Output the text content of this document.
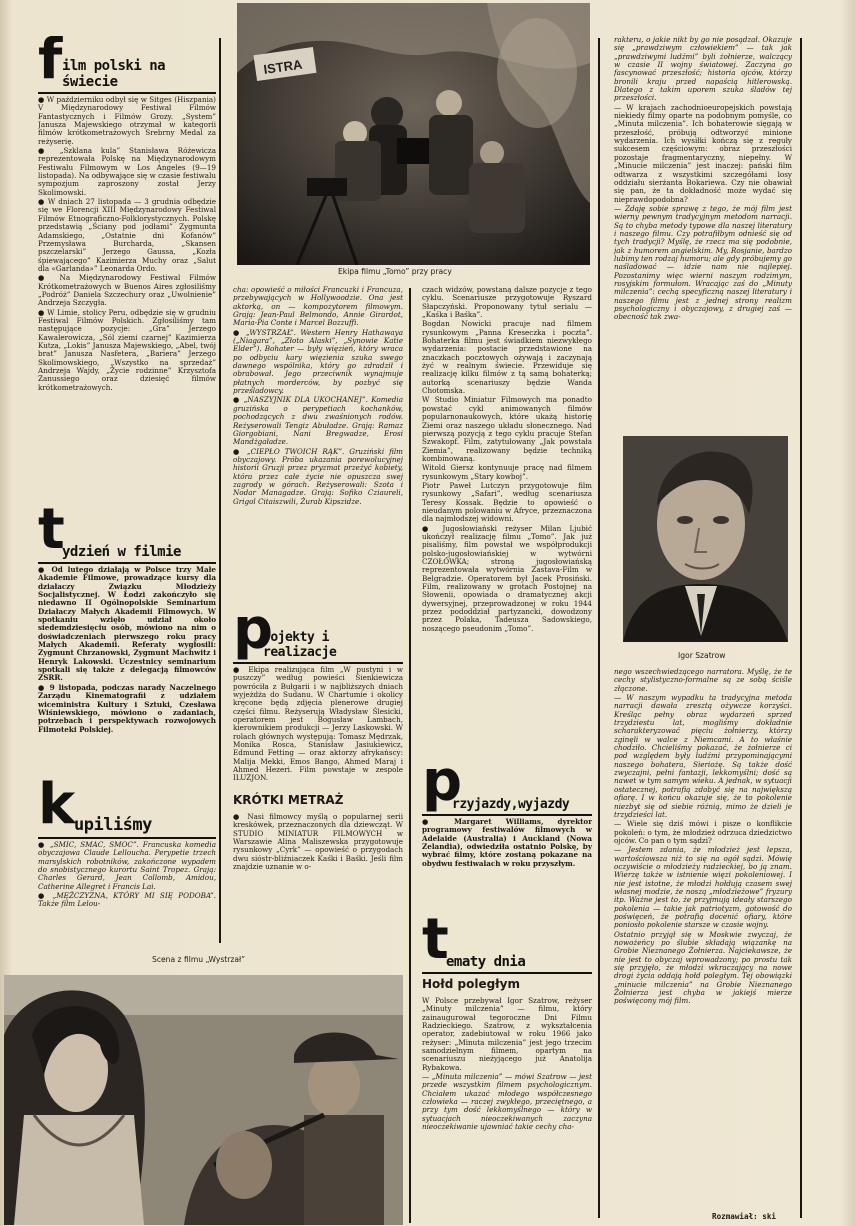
f ilm polski na świecie

● W październiku odbył się w Sitges (Hiszpania) V Międzynarodowy Festiwal Filmów Fantastycznych i Filmów Grozy. „System” Janusza Majewskiego otrzymał w kategorii filmów krótkometrażowych Srebrny Medal za reżyserię.

● „Szklana kula” Stanisława Różewicza reprezentowała Polskę na Międzynarodowym Festiwalu Filmowym w Los Angeles (9—19 listopada). Na odbywające się w czasie festiwalu sympozjum zaproszony został Jerzy Skolimowski.

● W dniach 27 listopada — 3 grudnia odbędzie się we Florencji XIII Międzynarodowy Festiwal Filmów Etnograficzno-Folklorystycznych. Polskę przedstawią „Ściany pod jodłami” Zygmunta Adamskiego, „Ostatnie dni Kofanów” Przemysława Burcharda, „Skansen pszczelarski” Jerzego Gaussa, „Kozła śpiewającego” Kazimierza Muchy oraz „Salut dla «Garlanda»” Leonarda Ordo.

● Na Międzynarodowy Festiwal Filmów Krótkometrażowych w Buenos Aires zgłosiliśmy „Podróż” Daniela Szczechury oraz „Uwolnienie” Andrzeja Szczygła.

● W Limie, stolicy Peru, odbędzie się w grudniu Festiwal Filmów Polskich. Zgłosiliśmy tam następujące pozycje: „Gra” Jerzego Kawalerowicza, „Sól ziemi czarnej” Kazimierza Kutza, „Lokis” Janusza Majewskiego, „Abel, twój brat” Janusza Nasfetera, „Bariera” Jerzego Skolimowskiego, „Wszystko na sprzedaż” Andrzeja Wajdy, „Życie rodzinne” Krzysztofa Zanussiego oraz dziesięć filmów krótkometrażowych.

t
ydzień w filmie

● Od lutego działają w Polsce trzy Małe Akademie Filmowe, prowadzące kursy dla działaczy Związku Młodzieży Socjalistycznej. W Łodzi zakończyło się niedawno II Ogólnopolskie Seminarium Działaczy Małych Akademii Filmowych. W spotkaniu wzięło udział około siedemdziesięciu osób, mówiono na nim o doświadczeniach pierwszego roku pracy Małych Akademii. Referaty wygłosili: Zygmunt Chrzanowski, Zygmunt Machwitz i Henryk Lakowski. Uczestnicy seminarium spotkali się także z delegacją filmowców ZSRR.

● 9 listopada, podczas narady Naczelnego Zarządu Kinematografii z udziałem wiceministra Kultury i Sztuki, Czesława Wiśniewskiego, mówiono o zadaniach, potrzebach i perspektywach rozwojowych Filmoteki Polskiej.

k
upiliśmy

● „SMIC, SMAC, SMOC”. Francuska komedia obyczajowa Claude Lelloucha. Perypetie trzech marsylskich robotników, zakończone wypadem do snobistycznego kurortu Saint Tropez. Grają: Charles Gerard, Jean Collomb, Amidou, Catherine Allegret i Francis Lai.

● „MĘŻCZYZNA, KTÓRY MI SIĘ PODOBA”. Także film Lelou-

ISTRA
Ekipa filmu „Tomo” przy pracy

cha: opowieść o miłości Francuzki i Francuza, przebywających w Hollywoodzie. Ona jest aktorką, on — kompozytorem filmowym. Grają: Jean-Paul Belmondo, Annie Girardot, Maria-Pia Conte i Marcel Bozzuffi.

● „WYSTRZAŁ”. Western Henry Hathawaya („Niagara”, „Złoto Alaski”, „Synowie Katie Elder”). Bohater — były więzień, który wraca po odbyciu kary więzienia szuka swego dawnego wspólnika, który go zdradził i obrabował. Jego przeciwnik wynajmuje płatnych morderców, by pozbyć się prześladowcy.

● „NASZYJNIK DLA UKOCHANEJ”. Komedia gruzińska o perypetiach kochanków, pochodzących z dwu zwaśnionych rodów. Reżyserowali Tengiz Abuładze. Grają: Ramaz Giorgobiani, Nani Bregwadze, Erosi Mandżgaładze.

● „CIEPŁO TWOICH RĄK”. Gruziński film obyczajowy. Próba ukazania porewolucyjnej historii Gruzji przez pryzmat przeżyć kobiety, która przez całe życie nie opuszcza swej zagrody w górach. Reżyserowali: Szota i Nodar Managadze. Grają: Sofiko Cziaureli, Grigol Citaiszwili, Żurab Kipszidze.

p
rojekty i realizacje

● Ekipa realizująca film „W pustyni i w puszczy” według powieści Sienkiewicza powróciła z Bułgarii i w najbliższych dniach wyjeżdża do Sudanu. W Chartumie i okolicy kręcone będą zdjęcia plenerowe drugiej części filmu. Reżyserują Władysław Ślesicki, operatorem jest Bogusław Lambach, kierownikiem produkcji — Jerzy Laskowski. W rolach głównych występują: Tomasz Mędrzak, Monika Rosca, Stanisław Jasiukiewicz, Edmund Fetting — oraz aktorzy afrykańscy: Malija Mekki, Emos Bango, Ahmed Maraj i Ahmed Hezeri. Film powstaje w zespole ILUZJON.

KRÓTKI METRAŻ

● Nasi filmowcy myślą o popularnej serii kreskówek, przeznaczonych dla dziewcząt. W STUDIO MINIATUR FILMOWYCH w Warszawie Alina Maliszewska przygotowuje rysunkowy „Cyrk” — opowieść o przygodach dwu sióstr-bliźniaczek Kaśki i Baśki. Jeśli film znajdzie uznanie w o-

Scena z filmu „Wystrzał”

czach widzów, powstaną dalsze pozycje z tego cyklu. Scenariusze przygotowuje Ryszard Słapczyński. Proponowany tytuł serialu — „Kaśka i Baśka”.

Bogdan Nowicki pracuje nad filmem rysunkowym „Panna Kreseczka i poczta”. Bohaterka filmu jest świadkiem niezwykłego wydarzenia: postacie przedstawione na znaczkach pocztowych ożywają i zaczynają żyć w realnym świecie. Przewiduje się realizację kilku filmów z tą samą bohaterką; autorką scenariuszy będzie Wanda Chotomska.

W Studio Miniatur Filmowych ma ponadto powstać cykl animowanych filmów popularnonaukowych, które ukażą historię Ziemi oraz naszego układu słonecznego. Nad pierwszą pozycją z tego cyklu pracuje Stefan Szwakopf. Film, zatytułowany „Jak powstała Ziemia”, realizowany będzie techniką kombinowaną.

Witold Giersz kontynuuje pracę nad filmem rysunkowym „Stary kowboj”.

Piotr Paweł Lutczyn przygotowuje film rysunkowy „Safari”, według scenariusza Teresy Kossak. Będzie to opowieść o nieudanym polowaniu w Afryce, przeznaczona dla najmłodszej widowni.

● Jugosłowiański reżyser Milan Ljubić ukończył realizację filmu „Tomo”. Jak już pisaliśmy, film powstał we współprodukcji polsko-jugosłowiańskiej w wytwórni CZOŁÓWKA; stroną jugosłowiańską reprezentowała wytwórnia Zastava-Film w Belgradzie. Operatorem był Jacek Prosiński. Film, realizowany w grotach Postojnej na Słowenii, opowiada o dramatycznej akcji dywersyjnej, przeprowadzonej w roku 1944 przez pododdział partyzancki, dowodzony przez Polaka, Tadeusza Sadowskiego, noszącego pseudonim „Tomo”.

p
rzyjazdy,wyjazdy

● Margaret Williams, dyrektor programowy festiwalów filmowych w Adelaide (Australia) i Auckland (Nowa Zelandia), odwiedziła ostatnio Polskę, by wybrać filmy, które zostaną pokazane na obydwu festiwalach w roku przyszłym.

t
ematy dnia
Hołd poległym

W Polsce przebywał Igor Szatrow, reżyser „Minuty milczenia” — filmu, który zainaugurował tegoroczne Dni Filmu Radzieckiego. Szatrow, z wykształcenia operator, zadebiutował w roku 1966 jako reżyser: „Minuta milczenia” jest jego trzecim samodzielnym filmem, opartym na scenariuszu nieżyjącego już Anatolija Rybakowa.

— „Minuta milczenia” — mówi Szatrow — jest przede wszystkim filmem psychologicznym. Chciałem ukazać młodego współczesnego człowieka — raczej zwykłego, przeciętnego, a przy tym dość lekkomyślnego — który w sytuacjach nieoczekiwanych zaczyna nieoczekiwanie ujawniać takie cechy cha-

rakteru, o jakie nikt by go nie posądzał. Okazuje się „prawdziwym człowiekiem” — tak jak „prawdziwymi ludźmi” byli żołnierze, walczący w czasie II wojny światowej. Zaczyna go fascynować przeszłość; historia ojców, którzy bronili kraju przed napaścią hitlerowską. Dlatego z takim uporem szuka śladów tej przeszłości.

— W krajach zachodnioeuropejskich powstają niekiedy filmy oparte na podobnym pomyśle, co „Minuta milczenia”. Ich bohaterowie sięgają w przeszłość, próbują odtworzyć minione wydarzenia. Ich wysiłki kończą się z reguły sukcesem częściowym: obraz przeszłości pozostaje fragmentaryczny, niepełny. W „Minucie milczenia” jest inaczej: pański film odtwarza z wszystkimi szczegółami losy oddziału sierżanta Bokariewa. Czy nie obawiał się pan, że ta dokładność może wydać się nieprawdopodobna?

— Zdaję sobie sprawę z tego, że mój film jest wierny pewnym tradycyjnym metodom narracji. Są to chyba metody typowe dla naszej literatury i naszego filmu. Czy potrafiłbym odnieść się od tych tradycji? Myślę, że rzecz ma się podobnie, jak z humorem angielskim. My, Rosjanie, bardzo lubimy ten rodzaj humoru; ale gdy próbujemy go naśladować — idzie nam nie najlepiej. Pozostanimy więc wierni naszym rodzimym, rosyjskim formułom. Wracając zaś do „Minuty milczenia”: cechą specyficzną naszej literatury i naszego filmu jest z jednej strony realizm psychologiczny i obyczajowy, z drugiej zaś — obecność tak zwa-

Igor Szatrow

nego wszechwiedzącego narratora. Myślę, że te cechy stylistyczno-formalne są ze sobą ściśle złączone.

— W naszym wypadku ta tradycyjna metoda narracji dawała zresztą ożywcze korzyści. Kreśląc pełny obraz wydarzeń sprzed trzydziestu lat, mogliśmy dokładnie scharakteryzować pięciu żołnierzy, którzy zginęli w walce z Niemcami. A to właśnie chodziło. Chcieliśmy pokazać, że żołnierze ci pod względem były ludźmi przypominającymi naszego bohatera, Sieriożę. Są także dość zwyczajni, pełni fantazji, lekkomyślni; dość są nawet w tym samym wieku. A jednak, w sytuacji ostatecznej, potrafią zdobyć się na największą ofiarę. I w końcu okazuje się, że to pokolenie niezbyt się od siebie różnią, mimo że dzieli je trzydzieści lat.

— Wiele się dziś mówi i pisze o konflikcie pokoleń: o tym, że młodzież odrzuca dziedzictwo ojców. Co pan o tym sądzi?

— Jestem zdania, że młodzież jest lepsza, wartościowsza niż to się na ogół sądzi. Mówię oczywiście o młodzieży radzieckiej, bo ją znam. Wierzę także w istnienie więzi pokoleniowej. I nie jest istotne, że młodzi hołdują czasem swej własnej modzie, że noszą „młodzieżowe” fryzury itp. Ważne jest to, że przyjmują ideały starszego pokolenia — takie jak patriotyzm, gotowość do poświęceń, że potrafią docenić ofiary, które poniosło pokolenie starsze w czasie wojny.

Ostatnio przyjął się w Moskwie zwyczaj, że nowożeńcy po ślubie składają wiązankę na Grobie Nieznanego Żołnierza. Najciekawsze, że nie jest to obyczaj wprowadzony; po prostu tak się przyjęło, że młodzi wkraczający na nowe drogi życia oddają hołd poległym. Tej obowiązki „minucie milczenia” na Grobie Nieznanego Żołnierza jest chyba w jakiejś mierze poświęcony mój film.

Rozmawiał: ski
